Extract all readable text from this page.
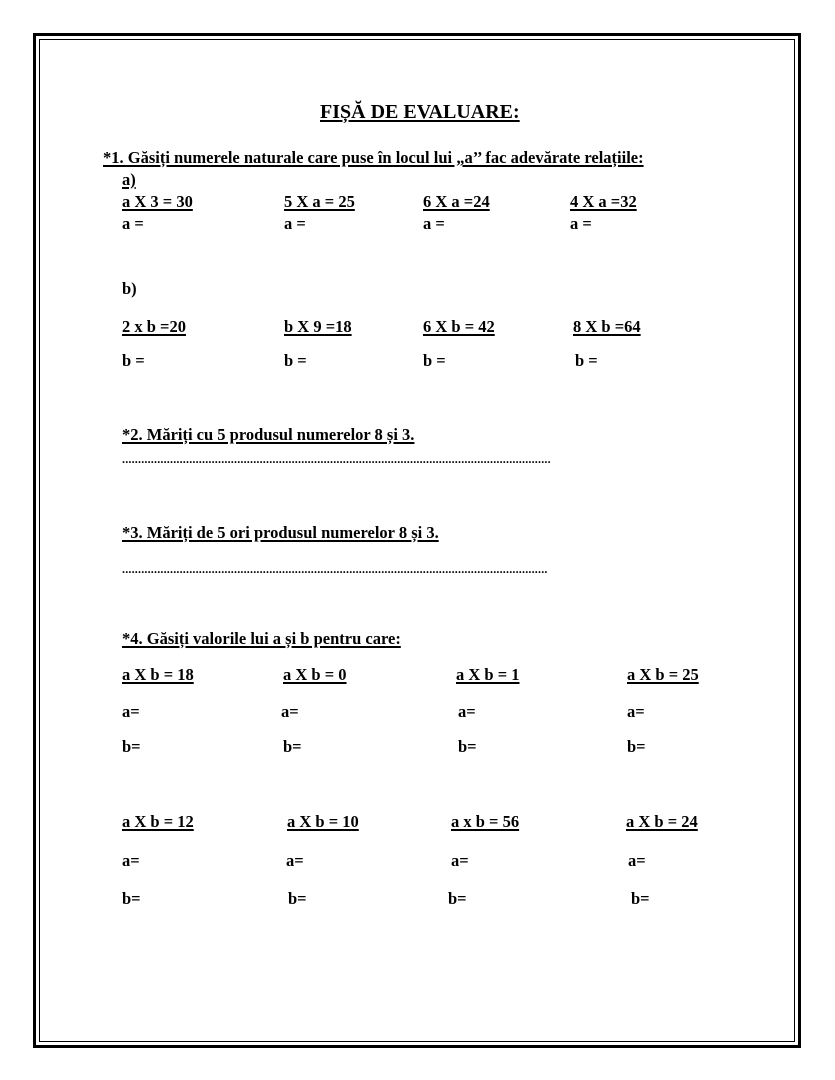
FIȘĂ DE EVALUARE:
*1. Găsiți numerele naturale care puse în locul lui „a’’ fac adevărate relațiile:
a)
a X 3 = 30	5 X a = 25	6 X a =24	4 X a =32
a =	a =	a =	a =
b)
2 x b =20	b X 9 =18	6 X b = 42	8 X b =64
b =	b =	b =	b =
*2. Măriți cu 5 produsul numerelor 8 și 3.
......................................................................................................................................
*3. Măriți de 5 ori produsul numerelor 8 și 3.
.....................................................................................................................................
*4. Găsiți valorile lui a și b pentru care:
a X b = 18	a X b = 0	a X b = 1	a X b = 25
a=	a=	a=	a=
b=	b=	b=	b=
a X b = 12	a X b = 10	a x b = 56	a X b = 24
a=	a=	a=	a=
b=	b=	b=	b=
